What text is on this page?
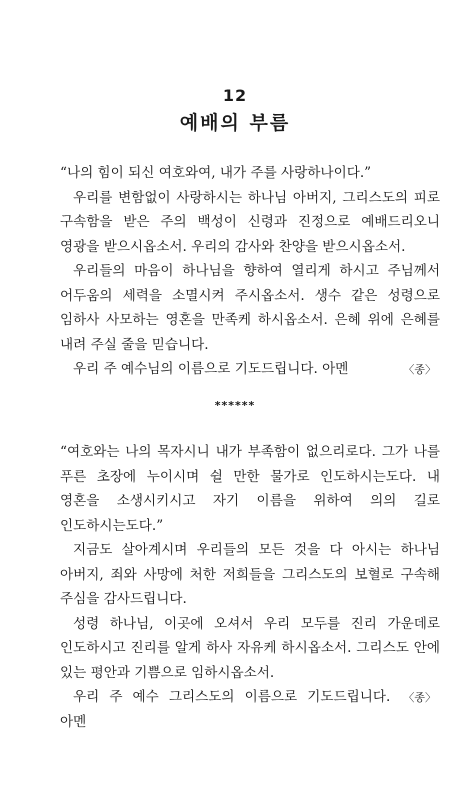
12
예배의 부름

“나의 힘이 되신 여호와여, 내가 주를 사랑하나이다.”

우리를 변함없이 사랑하시는 하나님 아버지, 그리스도의 피로 구속함을 받은 주의 백성이 신령과 진정으로 예배드리오니 영광을 받으시옵소서. 우리의 감사와 찬양을 받으시옵소서.

우리들의 마음이 하나님을 향하여 열리게 하시고 주님께서 어두움의 세력을 소멸시켜 주시옵소서. 생수 같은 성령으로 임하사 사모하는 영혼을 만족케 하시옵소서. 은혜 위에 은혜를 내려 주실 줄을 믿습니다.

우리 주 예수님의 이름으로 기도드립니다. 아멘	〈종〉

******

“여호와는 나의 목자시니 내가 부족함이 없으리로다. 그가 나를 푸른 초장에 누이시며 쉴 만한 물가로 인도하시는도다. 내 영혼을 소생시키시고 자기 이름을 위하여 의의 길로 인도하시는도다.”

지금도 살아계시며 우리들의 모든 것을 다 아시는 하나님 아버지, 죄와 사망에 처한 저희들을 그리스도의 보혈로 구속해 주심을 감사드립니다.

성령 하나님, 이곳에 오셔서 우리 모두를 진리 가운데로 인도하시고 진리를 알게 하사 자유케 하시옵소서. 그리스도 안에 있는 평안과 기쁨으로 임하시옵소서.

우리 주 예수 그리스도의 이름으로 기도드립니다. 아멘
〈종〉
